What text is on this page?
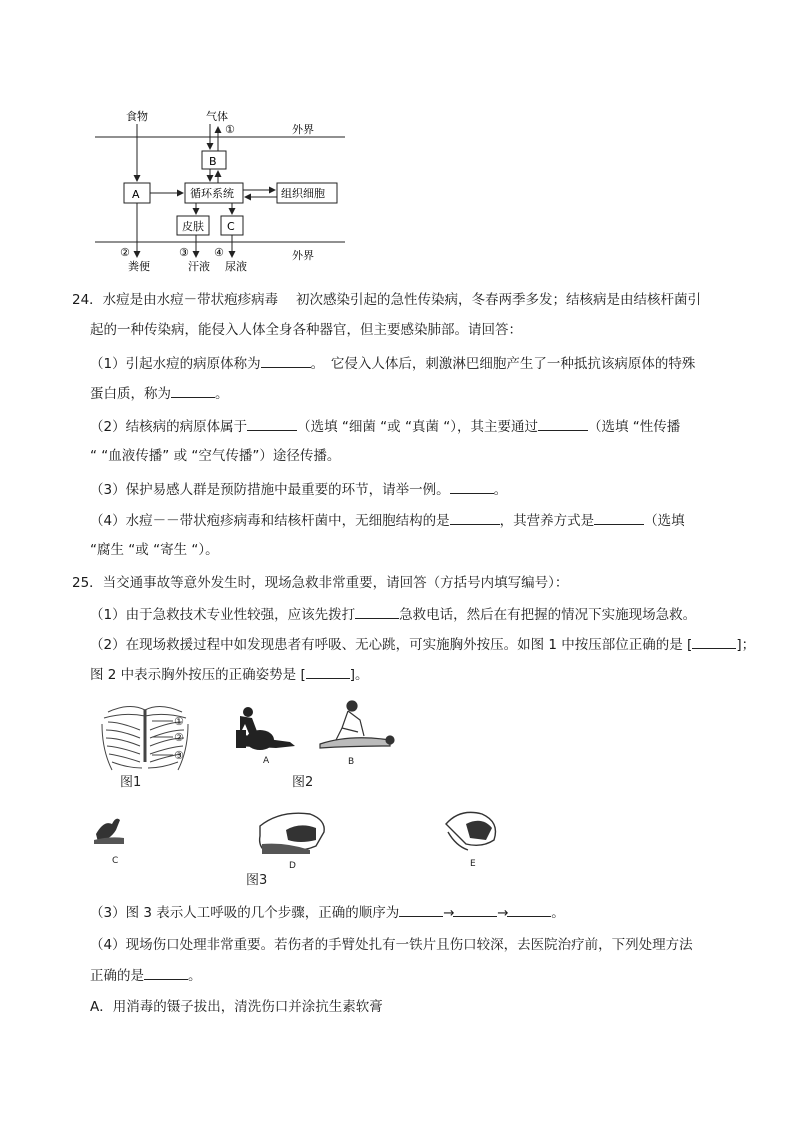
食物	气体
①	外界
B
A	循环系统	组织细胞
皮肤 C
②	③ ④	外界
粪便	汗液 尿液
24．水痘是由水痘－带状疱疹病毒　 初次感染引起的急性传染病，冬春两季多发；结核病是由结核杆菌引
起的一种传染病，能侵入人体全身各种器官，但主要感染肺部。请回答：
（1）引起水痘的病原体称为	。　它侵入人体后，刺激淋巴细胞产生了一种抵抗该病原体的特殊
蛋白质，称为	。
（2）结核病的病原体属于	（选填 “细菌 “或 “真菌 “），其主要通过	（选填 “性传播
“ “血液传播” 或 “空气传播”）途径传播。
（3）保护易感人群是预防措施中最重要的环节，请举一例。	。
（4）水痘－－带状疱疹病毒和结核杆菌中，无细胞结构的是	，其营养方式是	（选填
“腐生 “或 “寄生 “）。
25．当交通事故等意外发生时，现场急救非常重要，请回答（方括号内填写编号）：
（1）由于急救技术专业性较强，应该先拨打	急救电话，然后在有把握的情况下实施现场急救。
（2）在现场救援过程中如发现患者有呼吸、无心跳，可实施胸外按压。如图 1 中按压部位正确的是 [	]；
图 2 中表示胸外按压的正确姿势是 [	]。
①
②
③
图1
A	B
图2
C	D	E
图3
（3）图 3 表示人工呼吸的几个步骤，正确的顺序为	→	→	。
（4）现场伤口处理非常重要。若伤者的手臂处扎有一铁片且伤口较深，去医院治疗前，下列处理方法
正确的是	。
A．用消毒的镊子拔出，清洗伤口并涂抗生素软膏
